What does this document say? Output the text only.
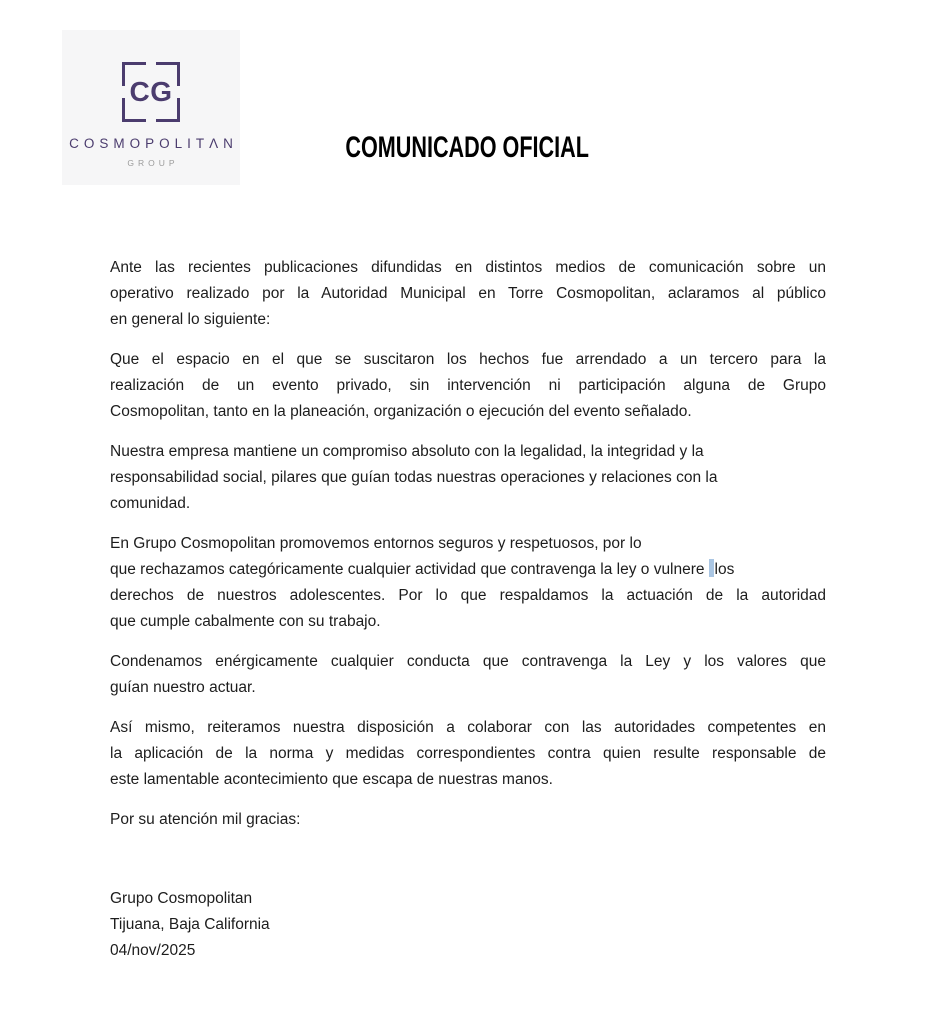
CG
COSMOPOLITΛN
GROUP	COMUNICADO OFICIAL
Ante las recientes publicaciones difundidas en distintos medios de comunicación sobre un
operativo realizado por la Autoridad Municipal en Torre Cosmopolitan, aclaramos al público
en general lo siguiente:
Que el espacio en el que se suscitaron los hechos fue arrendado a un tercero para la
realización de un evento privado, sin intervención ni participación alguna de Grupo
Cosmopolitan, tanto en la planeación, organización o ejecución del evento señalado.
Nuestra empresa mantiene un compromiso absoluto con la legalidad, la integridad y la
responsabilidad social, pilares que guían todas nuestras operaciones y relaciones con la
comunidad.
En Grupo Cosmopolitan promovemos entornos seguros y respetuosos, por lo
que rechazamos categóricamente cualquier actividad que contravenga la ley o vulnere los
derechos de nuestros adolescentes. Por lo que respaldamos la actuación de la autoridad
que cumple cabalmente con su trabajo.
Condenamos enérgicamente cualquier conducta que contravenga la Ley y los valores que
guían nuestro actuar.
Así mismo, reiteramos nuestra disposición a colaborar con las autoridades competentes en
la aplicación de la norma y medidas correspondientes contra quien resulte responsable de
este lamentable acontecimiento que escapa de nuestras manos.
Por su atención mil gracias:
Grupo Cosmopolitan
Tijuana, Baja California
04/nov/2025
